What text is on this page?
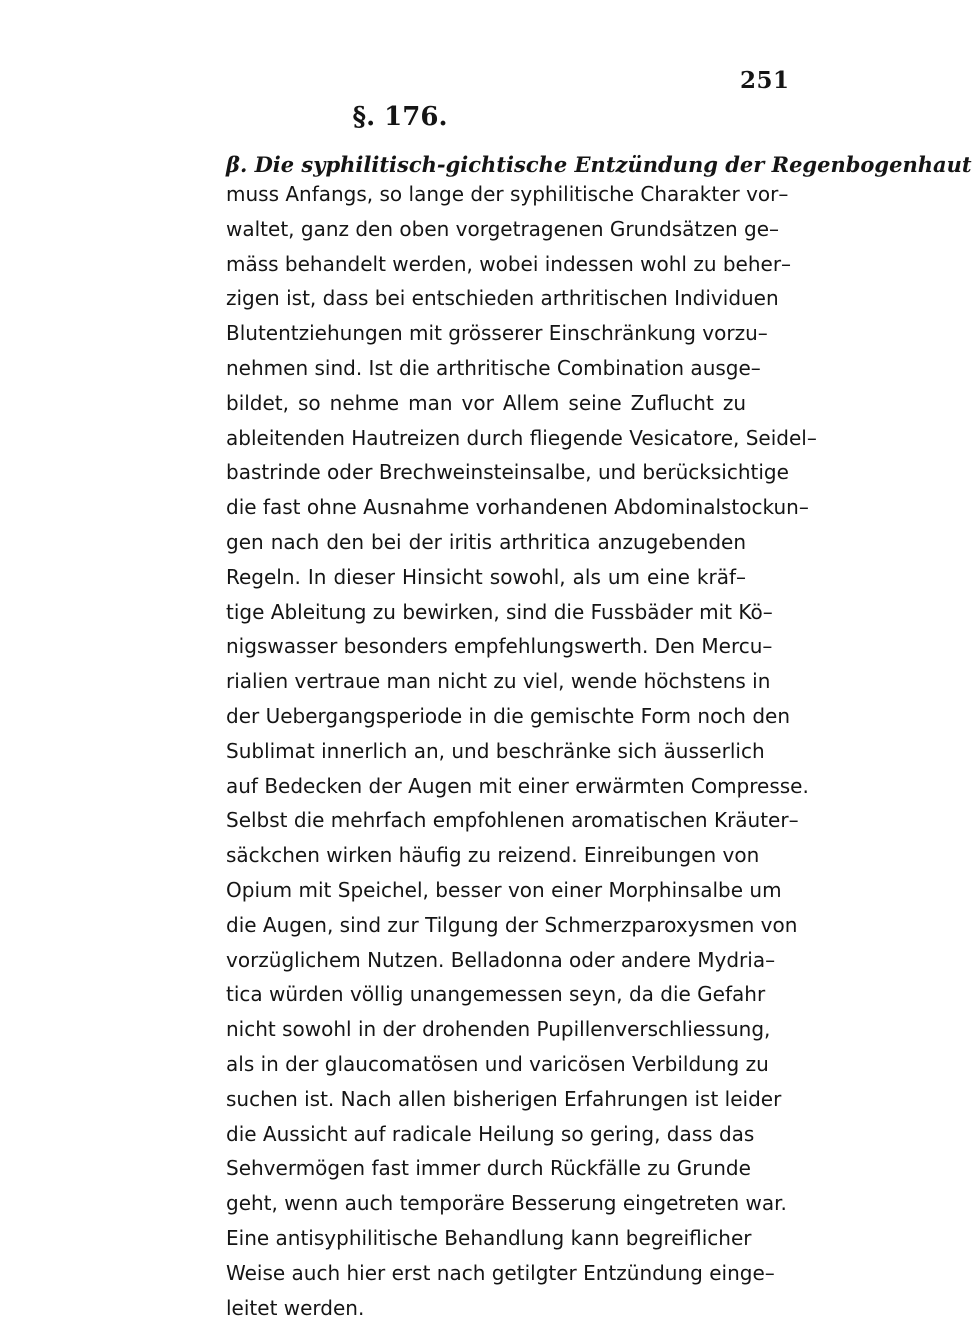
251
§. 176.
β. Die syphilitisch-gichtische Entzündung der Regenbogenhaut
muss Anfangs, so lange der syphilitische Charakter vor–
waltet, ganz den oben vorgetragenen Grundsätzen ge–
mäss behandelt werden, wobei indessen wohl zu beher–
zigen ist, dass bei entschieden arthritischen Individuen
Blutentziehungen mit grösserer Einschränkung vorzu–
nehmen sind. Ist die arthritische Combination ausge–
bildet, so nehme man vor Allem seine Zuflucht zu
ableitenden Hautreizen durch fliegende Vesicatore, Seidel–
bastrinde oder Brechweinsteinsalbe, und berücksichtige
die fast ohne Ausnahme vorhandenen Abdominalstockun–
gen nach den bei der iritis arthritica anzugebenden
Regeln. In dieser Hinsicht sowohl, als um eine kräf–
tige Ableitung zu bewirken, sind die Fussbäder mit Kö–
nigswasser besonders empfehlungswerth. Den Mercu–
rialien vertraue man nicht zu viel, wende höchstens in
der Uebergangsperiode in die gemischte Form noch den
Sublimat innerlich an, und beschränke sich äusserlich
auf Bedecken der Augen mit einer erwärmten Compresse.
Selbst die mehrfach empfohlenen aromatischen Kräuter–
säckchen wirken häufig zu reizend. Einreibungen von
Opium mit Speichel, besser von einer Morphinsalbe um
die Augen, sind zur Tilgung der Schmerzparoxysmen von
vorzüglichem Nutzen. Belladonna oder andere Mydria–
tica würden völlig unangemessen seyn, da die Gefahr
nicht sowohl in der drohenden Pupillenverschliessung,
als in der glaucomatösen und varicösen Verbildung zu
suchen ist. Nach allen bisherigen Erfahrungen ist leider
die Aussicht auf radicale Heilung so gering, dass das
Sehvermögen fast immer durch Rückfälle zu Grunde
geht, wenn auch temporäre Besserung eingetreten war.
Eine antisyphilitische Behandlung kann begreiflicher
Weise auch hier erst nach getilgter Entzündung einge–
leitet werden.
